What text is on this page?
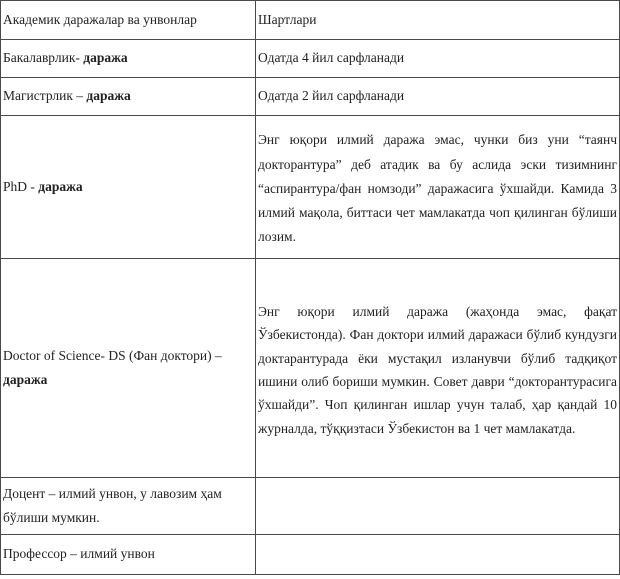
Академик даражалар ва унвонлар	Шартлари
Бакалаврлик- даража	Одатда 4 йил сарфланади
Магистрлик – даража	Одатда 2 йил сарфланади
PhD - даража	Энг юқори илмий даража эмас, чунки биз уни “таянч докторантура” деб атадик ва бу аслида эски тизимнинг “аспирантура/фан номзоди” даражасига ўхшайди. Камида 3 илмий мақола, биттаси чет мамлакатда чоп қилинган бўлиши лозим.
Doctor of Science- DS (Фан доктори) – даража	Энг юқори илмий даража (жаҳонда эмас, фақат Ўзбекистонда). Фан доктори илмий даражаси бўлиб кундузги доктарантурада ёки мустақил изланувчи бўлиб тадқиқот ишини олиб бориши мумкин. Совет даври “докторантурасига ўхшайди”. Чоп қилинган ишлар учун талаб, ҳар қандай 10 журналда, тўққизтаси Ўзбекистон ва 1 чет мамлакатда.
Доцент – илмий унвон, у лавозим ҳам бўлиши мумкин.	
Профессор – илмий унвон	
